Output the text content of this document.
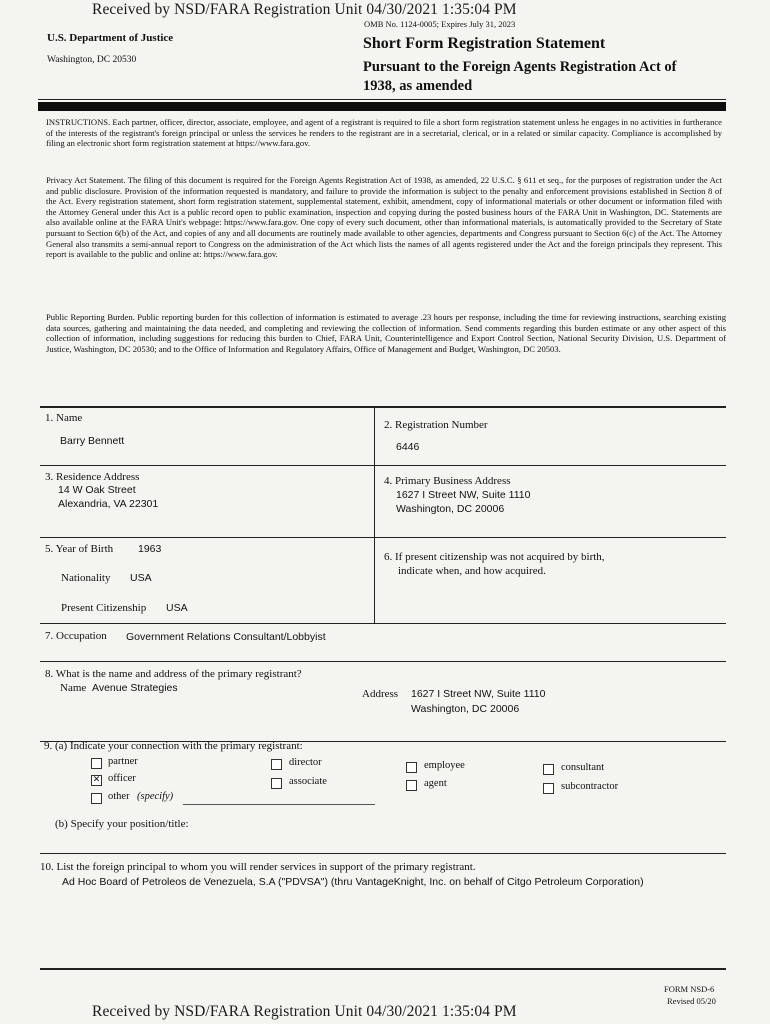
Received by NSD/FARA Registration Unit 04/30/2021 1:35:04 PM
OMB No. 1124-0005; Expires July 31, 2023
U.S. Department of Justice
Washington, DC 20530
Short Form Registration Statement
Pursuant to the Foreign Agents Registration Act of
1938, as amended
INSTRUCTIONS. Each partner, officer, director, associate, employee, and agent of a registrant is required to file a short form registration statement unless he engages in no activities in furtherance of the interests of the registrant's foreign principal or unless the services he renders to the registrant are in a secretarial, clerical, or in a related or similar capacity. Compliance is accomplished by filing an electronic short form registration statement at https://www.fara.gov.
Privacy Act Statement. The filing of this document is required for the Foreign Agents Registration Act of 1938, as amended, 22 U.S.C. § 611 et seq., for the purposes of registration under the Act and public disclosure. Provision of the information requested is mandatory, and failure to provide the information is subject to the penalty and enforcement provisions established in Section 8 of the Act. Every registration statement, short form registration statement, supplemental statement, exhibit, amendment, copy of informational materials or other document or information filed with the Attorney General under this Act is a public record open to public examination, inspection and copying during the posted business hours of the FARA Unit in Washington, DC. Statements are also available online at the FARA Unit's webpage: https://www.fara.gov. One copy of every such document, other than informational materials, is automatically provided to the Secretary of State pursuant to Section 6(b) of the Act, and copies of any and all documents are routinely made available to other agencies, departments and Congress pursuant to Section 6(c) of the Act. The Attorney General also transmits a semi-annual report to Congress on the administration of the Act which lists the names of all agents registered under the Act and the foreign principals they represent. This report is available to the public and online at: https://www.fara.gov.
Public Reporting Burden. Public reporting burden for this collection of information is estimated to average .23 hours per response, including the time for reviewing instructions, searching existing data sources, gathering and maintaining the data needed, and completing and reviewing the collection of information. Send comments regarding this burden estimate or any other aspect of this collection of information, including suggestions for reducing this burden to Chief, FARA Unit, Counterintelligence and Export Control Section, National Security Division, U.S. Department of Justice, Washington, DC 20530; and to the Office of Information and Regulatory Affairs, Office of Management and Budget, Washington, DC 20503.
1. Name
Barry Bennett
2. Registration Number
6446
3. Residence Address
14 W Oak Street
Alexandria, VA 22301
4. Primary Business Address
1627 I Street NW, Suite 1110
Washington, DC 20006
5. Year of Birth 1963
Nationality USA
Present Citizenship USA
6. If present citizenship was not acquired by birth,
indicate when, and how acquired.
7. Occupation Government Relations Consultant/Lobbyist
8. What is the name and address of the primary registrant?
Name Avenue Strategies	Address 1627 I Street NW, Suite 1110
Washington, DC 20006
9. (a) Indicate your connection with the primary registrant:
partner
✕ officer
other (specify)
director
associate
employee
agent
consultant
subcontractor
(b) Specify your position/title:
10. List the foreign principal to whom you will render services in support of the primary registrant.
Ad Hoc Board of Petroleos de Venezuela, S.A ("PDVSA") (thru VantageKnight, Inc. on behalf of Citgo Petroleum Corporation)
FORM NSD-6
Revised 05/20
Received by NSD/FARA Registration Unit 04/30/2021 1:35:04 PM
